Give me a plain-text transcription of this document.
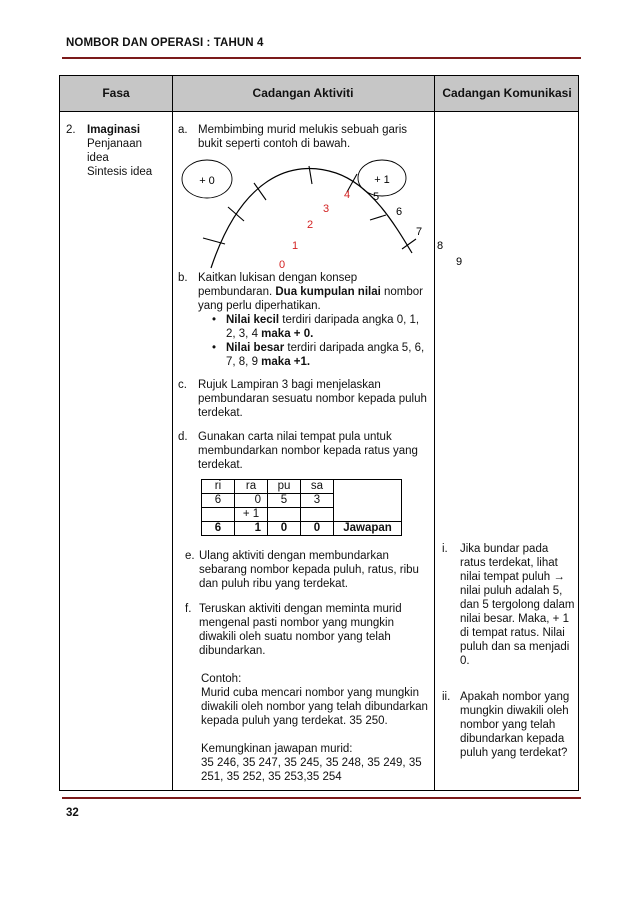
NOMBOR DAN OPERASI : TAHUN 4
Fasa	Cadangan Aktiviti	Cadangan Komunikasi
2. Imaginasi
Penjanaan
idea
Sintesis idea
a. Membimbing murid melukis sebuah garis bukit seperti contoh di bawah.
+ 0	+ 1
0
1
2
3
4 5
6
7
8
9
b. Kaitkan lukisan dengan konsep pembundaran. Dua kumpulan nilai nombor yang perlu diperhatikan.
• Nilai kecil terdiri daripada angka 0, 1, 2, 3, 4 maka + 0.
• Nilai besar terdiri daripada angka 5, 6, 7, 8, 9 maka +1.
c. Rujuk Lampiran 3 bagi menjelaskan pembundaran sesuatu nombor kepada puluh terdekat.
d. Gunakan carta nilai tempat pula untuk membundarkan nombor kepada ratus yang terdekat.
ri	ra	pu	sa	
6	0	5	3	
	+ 1			
6	1	0	0	Jawapan
e. Ulang aktiviti dengan membundarkan sebarang nombor kepada puluh, ratus, ribu dan puluh ribu yang terdekat.
f. Teruskan aktiviti dengan meminta murid mengenal pasti nombor yang mungkin diwakili oleh suatu nombor yang telah dibundarkan.
Contoh:
Murid cuba mencari nombor yang mungkin diwakili oleh nombor yang telah dibundarkan kepada puluh yang terdekat. 35 250.
Kemungkinan jawapan murid:
35 246, 35 247, 35 245, 35 248, 35 249, 35 251, 35 252, 35 253,35 254
i. Jika bundar pada ratus terdekat, lihat nilai tempat puluh → nilai puluh adalah 5, dan 5 tergolong dalam nilai besar. Maka, + 1 di tempat ratus. Nilai puluh dan sa menjadi 0.
ii. Apakah nombor yang mungkin diwakili oleh nombor yang telah dibundarkan kepada puluh yang terdekat?
32
